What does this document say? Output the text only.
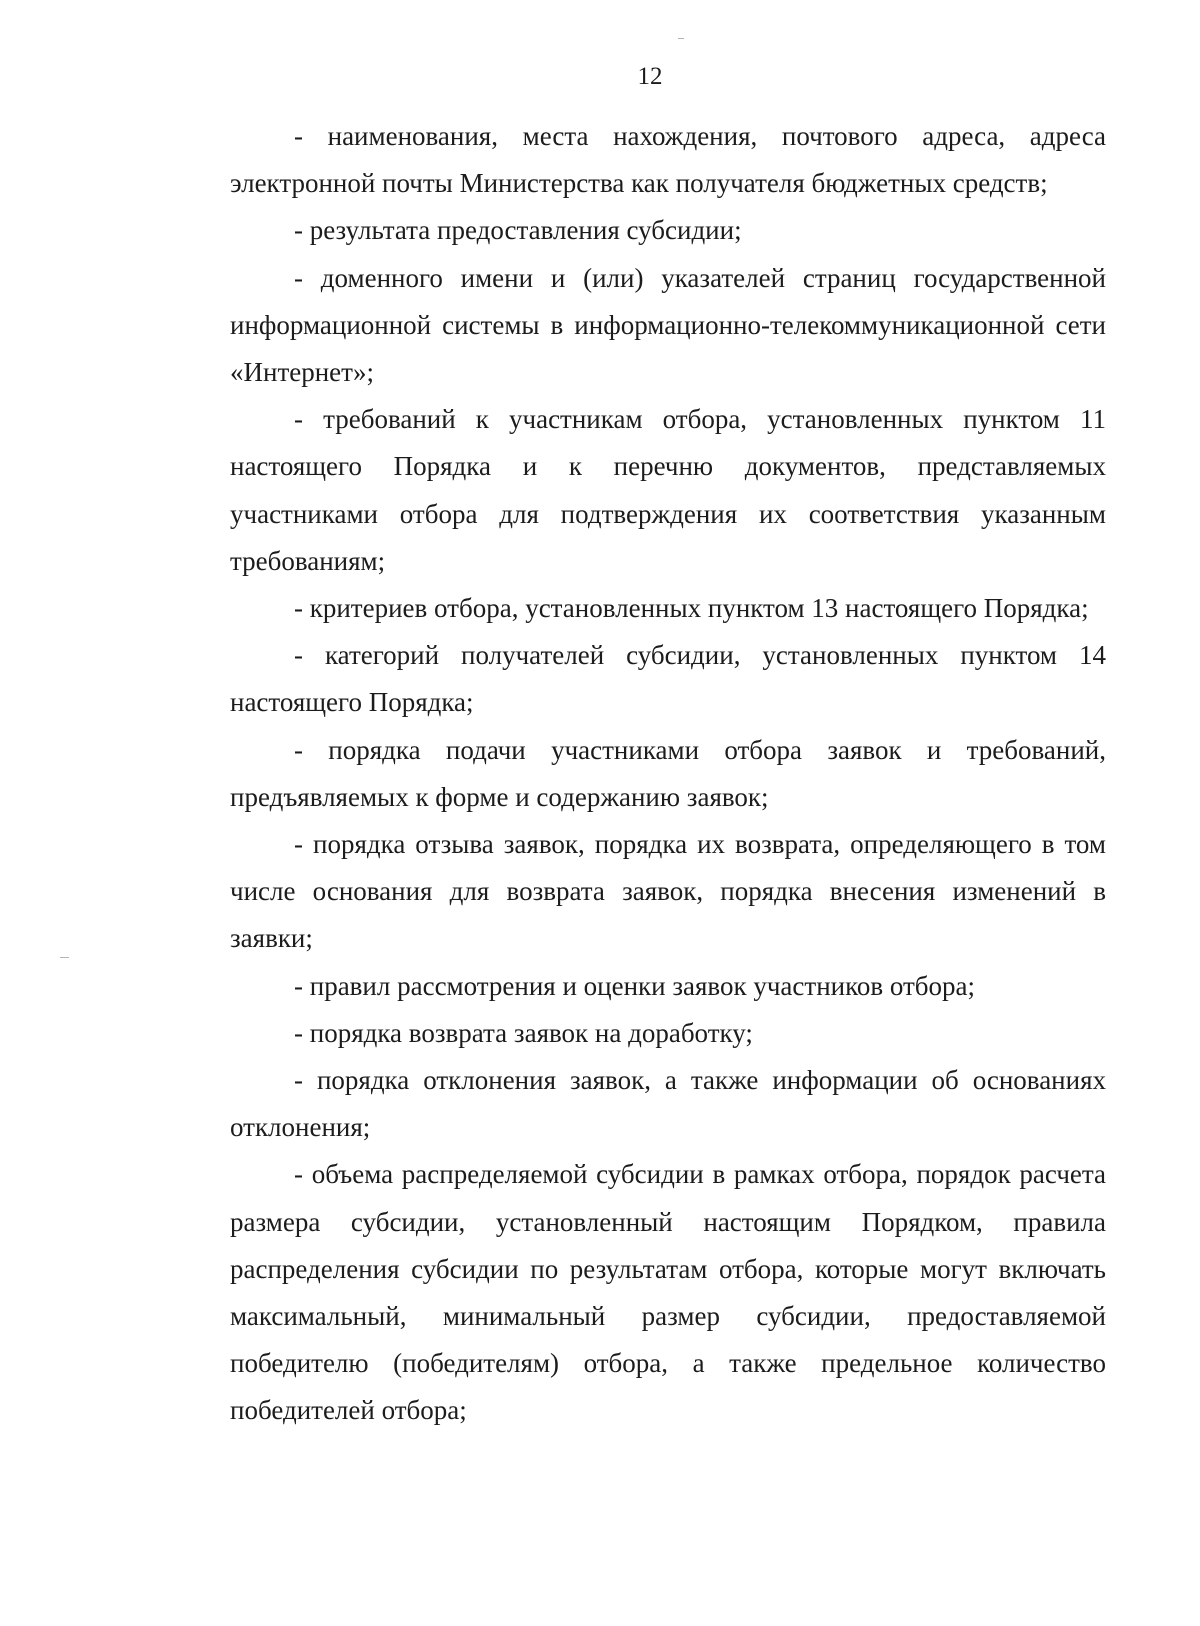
12

- наименования, места нахождения, почтового адреса, адреса электронной почты Министерства как получателя бюджетных средств;

- результата предоставления субсидии;

- доменного имени и (или) указателей страниц государственной информационной системы в информационно-телекоммуникационной сети «Интернет»;

- требований к участникам отбора, установленных пунктом 11 настоящего Порядка и к перечню документов, представляемых участниками отбора для подтверждения их соответствия указанным требованиям;

- критериев отбора, установленных пунктом 13 настоящего Порядка;

- категорий получателей субсидии, установленных пунктом 14 настоящего Порядка;

- порядка подачи участниками отбора заявок и требований, предъявляемых к форме и содержанию заявок;

- порядка отзыва заявок, порядка их возврата, определяющего в том числе основания для возврата заявок, порядка внесения изменений в заявки;

- правил рассмотрения и оценки заявок участников отбора;

- порядка возврата заявок на доработку;

- порядка отклонения заявок, а также информации об основаниях отклонения;

- объема распределяемой субсидии в рамках отбора, порядок расчета размера субсидии, установленный настоящим Порядком, правила распределения субсидии по результатам отбора, которые могут включать максимальный, минимальный размер субсидии, предоставляемой победителю (победителям) отбора, а также предельное количество победителей отбора;
